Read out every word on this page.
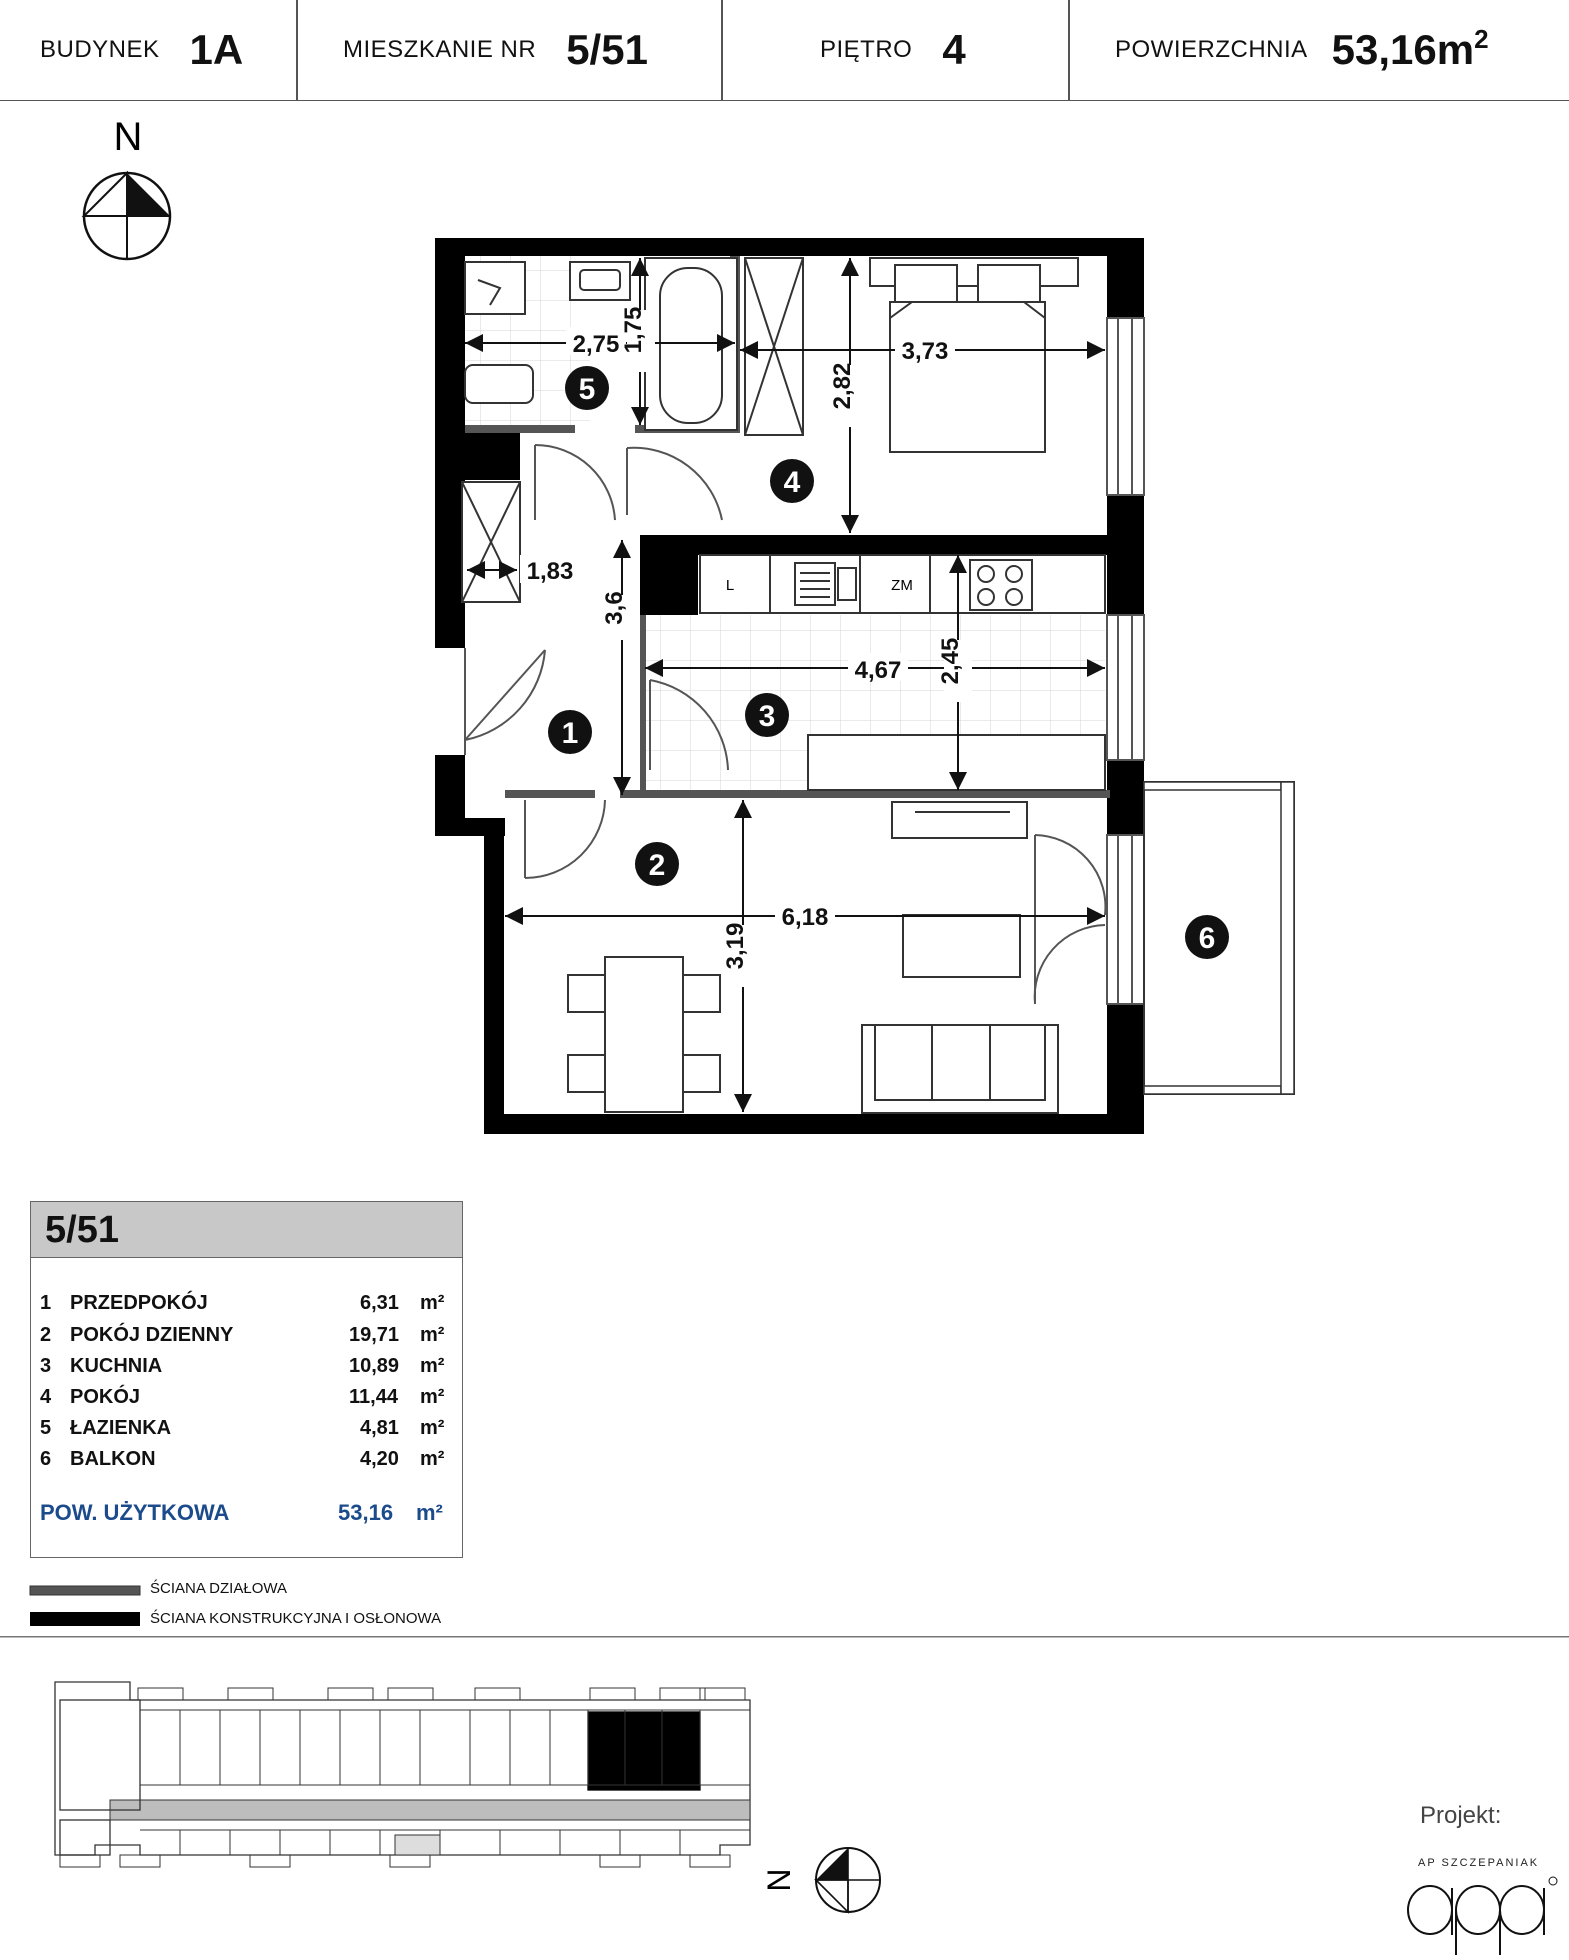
BUDYNEK 1A	MIESZKANIE NR 5/51	PIĘTRO 4	POWIERZCHNIA $53,16m^2$
N
L	ZM
2,75 1,75	3,73
2,82
1,83
3,6
4,67 2,45
6,18
3,19
1
2
3
4
5
6
N
5/51
1 PRZEDPOKÓJ	6,31 m²
2 POKÓJ DZIENNY	19,71 m²
3 KUCHNIA	10,89 m²
4 POKÓJ	11,44 m²
5 ŁAZIENKA	4,81 m²
6 BALKON	4,20 m²
POW. UŻYTKOWA	53,16 m²
ŚCIANA DZIAŁOWA
ŚCIANA KONSTRUKCYJNA I OSŁONOWA
Projekt:
AP SZCZEPANIAK
